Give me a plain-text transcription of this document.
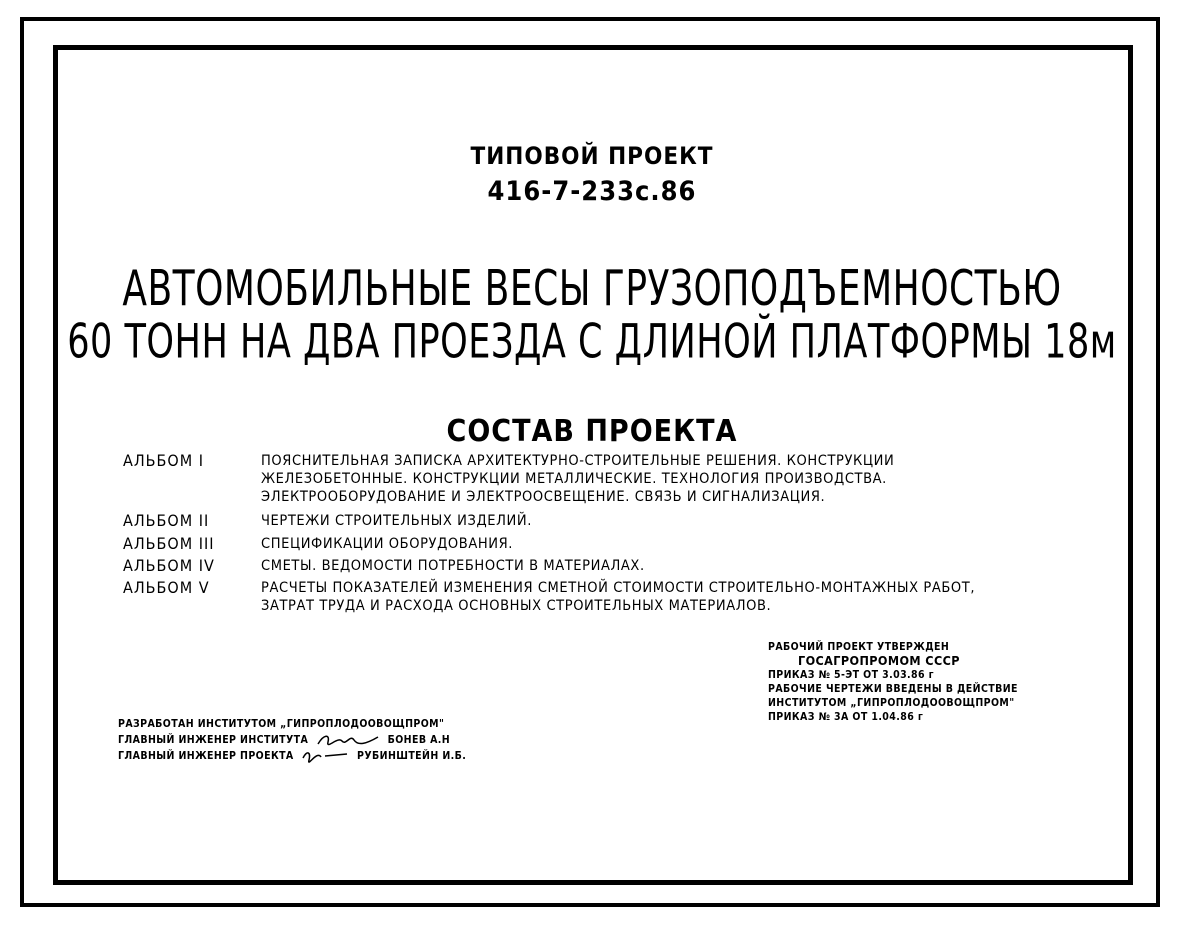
ТИПОВОЙ ПРОЕКТ
416-7-233с.86
АВТОМОБИЛЬНЫЕ ВЕСЫ ГРУЗОПОДЪЕМНОСТЬЮ
60 ТОНН НА ДВА ПРОЕЗДА С ДЛИНОЙ ПЛАТФОРМЫ 18м
СОСТАВ ПРОЕКТА
АЛЬБОМ I	ПОЯСНИТЕЛЬНАЯ ЗАПИСКА АРХИТЕКТУРНО-СТРОИТЕЛЬНЫЕ РЕШЕНИЯ. КОНСТРУКЦИИ ЖЕЛЕЗОБЕТОННЫЕ. КОНСТРУКЦИИ МЕТАЛЛИЧЕСКИЕ. ТЕХНОЛОГИЯ ПРОИЗВОДСТВА. ЭЛЕКТРООБОРУДОВАНИЕ И ЭЛЕКТРООСВЕЩЕНИЕ. СВЯЗЬ И СИГНАЛИЗАЦИЯ.
АЛЬБОМ II	ЧЕРТЕЖИ СТРОИТЕЛЬНЫХ ИЗДЕЛИЙ.
АЛЬБОМ III	СПЕЦИФИКАЦИИ ОБОРУДОВАНИЯ.
АЛЬБОМ IV	СМЕТЫ. ВЕДОМОСТИ ПОТРЕБНОСТИ В МАТЕРИАЛАХ.
АЛЬБОМ V	РАСЧЕТЫ ПОКАЗАТЕЛЕЙ ИЗМЕНЕНИЯ СМЕТНОЙ СТОИМОСТИ СТРОИТЕЛЬНО-МОНТАЖНЫХ РАБОТ, ЗАТРАТ ТРУДА И РАСХОДА ОСНОВНЫХ СТРОИТЕЛЬНЫХ МАТЕРИАЛОВ.
РАБОЧИЙ ПРОЕКТ УТВЕРЖДЕН
ГОСАГРОПРОМОМ СССР
ПРИКАЗ № 5-ЭТ ОТ 3.03.86 г
РАБОЧИЕ ЧЕРТЕЖИ ВВЕДЕНЫ В ДЕЙСТВИЕ
ИНСТИТУТОМ „ГИПРОПЛОДООВОЩПРОМ"
ПРИКАЗ № 3А ОТ 1.04.86 г
РАЗРАБОТАН ИНСТИТУТОМ „ГИПРОПЛОДООВОЩПРОМ"
ГЛАВНЫЙ ИНЖЕНЕР ИНСТИТУТА	БОНЕВ А.Н
ГЛАВНЫЙ ИНЖЕНЕР ПРОЕКТА	РУБИНШТЕЙН И.Б.
